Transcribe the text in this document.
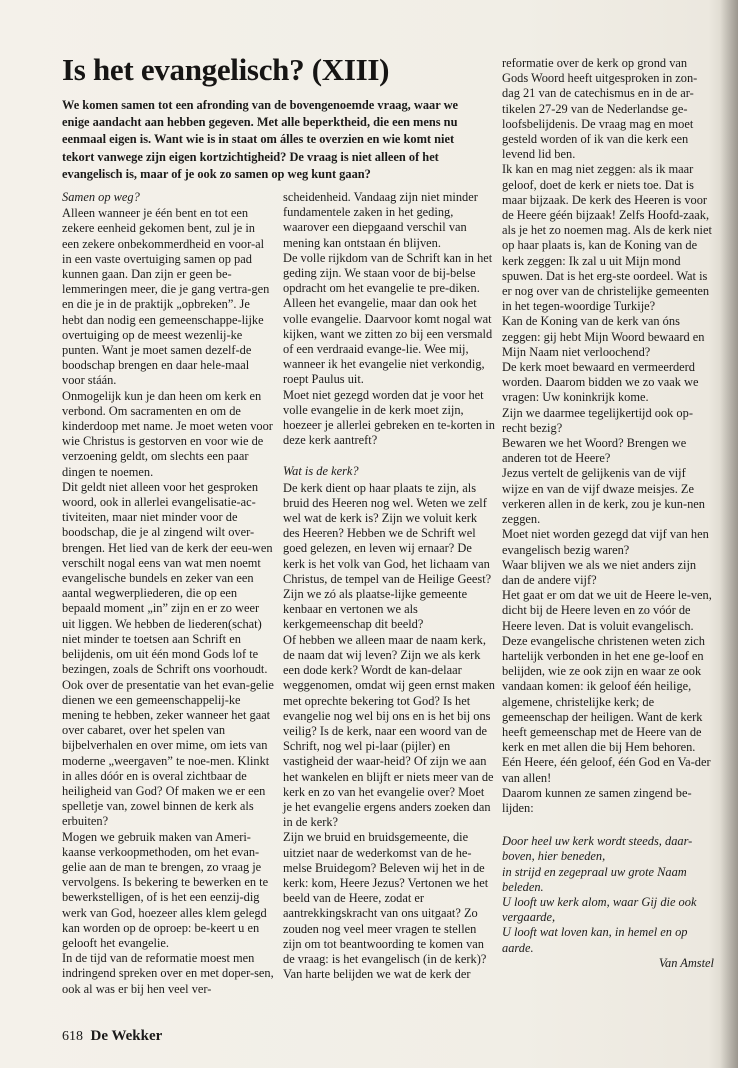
Is het evangelisch? (XIII)

We komen samen tot een afronding van de bovengenoemde vraag, waar we enige aandacht aan hebben gegeven. Met alle beperktheid, die een mens nu eenmaal eigen is. Want wie is in staat om álles te overzien en wie komt niet tekort vanwege zijn eigen kortzichtigheid? De vraag is niet alleen of het evangelisch is, maar of je ook zo samen op weg kunt gaan?

Samen op weg?

Alleen wanneer je één bent en tot een zekere eenheid gekomen bent, zul je in een zekere onbekommerdheid en voor-al in een vaste overtuiging samen op pad kunnen gaan. Dan zijn er geen be-lemmeringen meer, die je gang vertra-gen en die je in de praktijk „opbreken”. Je hebt dan nodig een gemeenschappe-lijke overtuiging op de meest wezenlij-ke punten. Want je moet samen dezelf-de boodschap brengen en daar hele-maal voor stáán.

Onmogelijk kun je dan heen om kerk en verbond. Om sacramenten en om de kinderdoop met name. Je moet weten voor wie Christus is gestorven en voor wie de verzoening geldt, om slechts een paar dingen te noemen.

Dit geldt niet alleen voor het gesproken woord, ook in allerlei evangelisatie-ac-tiviteiten, maar niet minder voor de boodschap, die je al zingend wilt over-brengen. Het lied van de kerk der eeu-wen verschilt nogal eens van wat men noemt evangelische bundels en zeker van een aantal wegwerpliederen, die op een bepaald moment „in” zijn en er zo weer uit liggen. We hebben de liederen(schat) niet minder te toetsen aan Schrift en belijdenis, om uit één mond Gods lof te bezingen, zoals de Schrift ons voorhoudt.

Ook over de presentatie van het evan-gelie dienen we een gemeenschappelij-ke mening te hebben, zeker wanneer het gaat over cabaret, over het spelen van bijbelverhalen en over mime, om iets van moderne „weergaven” te noe-men. Klinkt in alles dóór en is overal zichtbaar de heiligheid van God? Of maken we er een spelletje van, zowel binnen de kerk als erbuiten?

Mogen we gebruik maken van Ameri-kaanse verkoopmethoden, om het evan-gelie aan de man te brengen, zo vraag je vervolgens. Is bekering te bewerken en te bewerkstelligen, of is het een eenzij-dig werk van God, hoezeer alles klem gelegd kan worden op de oproep: be-keert u en gelooft het evangelie.

In de tijd van de reformatie moest men indringend spreken over en met doper-sen, ook al was er bij hen veel ver-

scheidenheid. Vandaag zijn niet minder fundamentele zaken in het geding, waarover een diepgaand verschil van mening kan ontstaan én blijven.

De volle rijkdom van de Schrift kan in het geding zijn. We staan voor de bij-belse opdracht om het evangelie te pre-diken. Alleen het evangelie, maar dan ook het volle evangelie. Daarvoor komt nogal wat kijken, want we zitten zo bij een versmald of een verdraaid evange-lie. Wee mij, wanneer ik het evangelie niet verkondig, roept Paulus uit.

Moet niet gezegd worden dat je voor het volle evangelie in de kerk moet zijn, hoezeer je allerlei gebreken en te-korten in deze kerk aantreft?

Wat is de kerk?

De kerk dient op haar plaats te zijn, als bruid des Heeren nog wel. Weten we zelf wel wat de kerk is? Zijn we voluit kerk des Heeren? Hebben we de Schrift wel goed gelezen, en leven wij ernaar? De kerk is het volk van God, het lichaam van Christus, de tempel van de Heilige Geest? Zijn we zó als plaatse-lijke gemeente kenbaar en vertonen we als kerkgemeenschap dit beeld?

Of hebben we alleen maar de naam kerk, de naam dat wij leven? Zijn we als kerk een dode kerk? Wordt de kan-delaar weggenomen, omdat wij geen ernst maken met oprechte bekering tot God? Is het evangelie nog wel bij ons en is het bij ons veilig? Is de kerk, naar een woord van de Schrift, nog wel pi-laar (pijler) en vastigheid der waar-heid? Of zijn we aan het wankelen en blijft er niets meer van de kerk en zo van het evangelie over? Moet je het evangelie ergens anders zoeken dan in de kerk?

Zijn we bruid en bruidsgemeente, die uitziet naar de wederkomst van de he-melse Bruidegom? Beleven wij het in de kerk: kom, Heere Jezus? Vertonen we het beeld van de Heere, zodat er aantrekkingskracht van ons uitgaat? Zo zouden nog veel meer vragen te stellen zijn om tot beantwoording te komen van de vraag: is het evangelisch (in de kerk)?

Van harte belijden we wat de kerk der

reformatie over de kerk op grond van Gods Woord heeft uitgesproken in zon-dag 21 van de catechismus en in de ar-tikelen 27-29 van de Nederlandse ge-loofsbelijdenis. De vraag mag en moet gesteld worden of ik van die kerk een levend lid ben.

Ik kan en mag niet zeggen: als ik maar geloof, doet de kerk er niets toe. Dat is maar bijzaak. De kerk des Heeren is voor de Heere géén bijzaak! Zelfs Hoofd-zaak, als je het zo noemen mag. Als de kerk niet op haar plaats is, kan de Koning van de kerk zeggen: Ik zal u uit Mijn mond spuwen. Dat is het erg-ste oordeel. Wat is er nog over van de christelijke gemeenten in het tegen-woordige Turkije?

Kan de Koning van de kerk van óns zeggen: gij hebt Mijn Woord bewaard en Mijn Naam niet verloochend?

De kerk moet bewaard en vermeerderd worden. Daarom bidden we zo vaak we vragen: Uw koninkrijk kome.

Zijn we daarmee tegelijkertijd ook op-recht bezig?

Bewaren we het Woord? Brengen we anderen tot de Heere?

Jezus vertelt de gelijkenis van de vijf wijze en van de vijf dwaze meisjes. Ze verkeren allen in de kerk, zou je kun-nen zeggen.

Moet niet worden gezegd dat vijf van hen evangelisch bezig waren?

Waar blijven we als we niet anders zijn dan de andere vijf?

Het gaat er om dat we uit de Heere le-ven, dicht bij de Heere leven en zo vóór de Heere leven. Dat is voluit evangelisch.

Deze evangelische christenen weten zich hartelijk verbonden in het ene ge-loof en belijden, wie ze ook zijn en waar ze ook vandaan komen: ik geloof één heilige, algemene, christelijke kerk; de gemeenschap der heiligen. Want de kerk heeft gemeenschap met de Heere van de kerk en met allen die bij Hem behoren.

Eén Heere, één geloof, één God en Va-der van allen!

Daarom kunnen ze samen zingend be-lijden:

Door heel uw kerk wordt steeds, daar-boven, hier beneden,
in strijd en zegepraal uw grote Naam beleden.
U looft uw kerk alom, waar Gij die ook vergaarde,
U looft wat loven kan, in hemel en op aarde.
Van Amstel

618 De Wekker
